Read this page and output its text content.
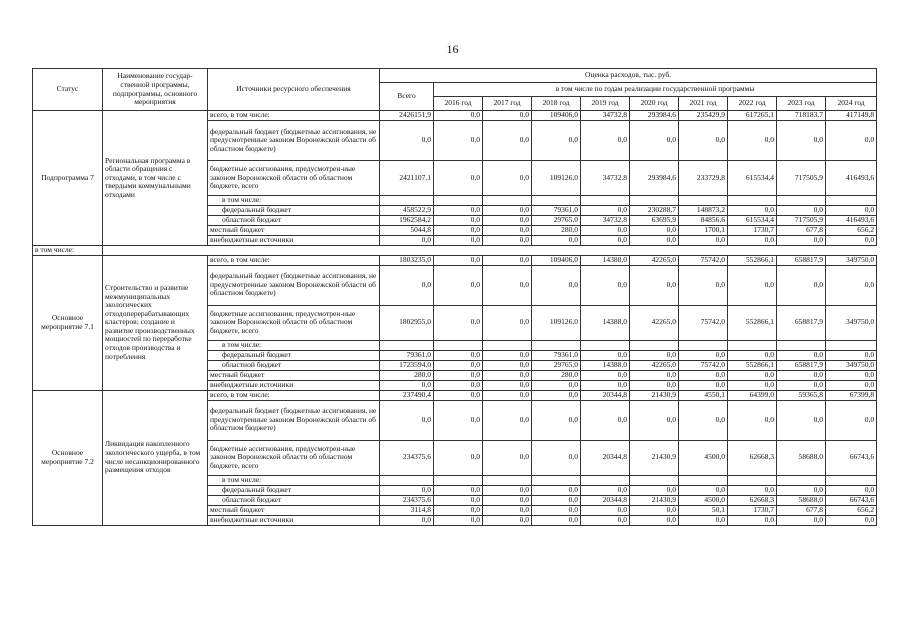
16
Статус	Наименование государ-ственной программы, подпрограммы, основного мероприятия	Источники ресурсного обеспечения	Оценка расходов, тыс. руб.									
			Всего	в том числе по годам реализации государственной программы								
				2016 год	2017 год	2018 год	2019 год	2020 год	2021 год	2022 год	2023 год	2024 год
Подпрограмма 7	Региональная программа в области обращения с отходами, в том числе с твердыми коммунальными отходами	всего, в том числе:	2426151,9	0,0	0,0	109406,0	34732,8	293984,6	235429,9	617265,1	718183,7	417149,8
		федеральный бюджет (бюджетные ассигнования, не предусмотренные законом Воронежской области об областном бюджете)	0,0	0,0	0,0	0,0	0,0	0,0	0,0	0,0	0,0	0,0
		бюджетные ассигнования, предусмотрен-ные законом Воронежской области об областном бюджете, всего	2421107,1	0,0	0,0	109126,0	34732,8	293984,6	233729,8	615534,4	717505,9	416493,6
		в том числе:										
		федеральный бюджет	458522,9	0,0	0,0	79361,0	0,0	230288,7	148873,2	0,0	0,0	0,0
		областной бюджет	1962584,2	0,0	0,0	29765,0	34732,8	63695,9	84856,6	615534,4	717505,9	416493,6
		местный бюджет	5044,8	0,0	0,0	280,0	0,0	0,0	1700,1	1730,7	677,8	656,2
		внебюджетные источники	0,0	0,0	0,0	0,0	0,0	0,0	0,0	0,0	0,0	0,0
в том числе:												
Основное мероприятие 7.1	Строительство и развитие межмуниципальных экологических отходоперерабатывающих кластеров; создание и развитие производственных мощностей по переработке отходов производства и потребления	всего, в том числе:	1803235,0	0,0	0,0	109406,0	14388,0	42265,0	75742,0	552866,1	658817,9	349750,0
		федеральный бюджет (бюджетные ассигнования, не предусмотренные законом Воронежской области об областном бюджете)	0,0	0,0	0,0	0,0	0,0	0,0	0,0	0,0	0,0	0,0
		бюджетные ассигнования, предусмотрен-ные законом Воронежской области об областном бюджете, всего	1802955,0	0,0	0,0	109126,0	14388,0	42265,0	75742,0	552866,1	658817,9	349750,0
		в том числе:										
		федеральный бюджет	79361,0	0,0	0,0	79361,0	0,0	0,0	0,0	0,0	0,0	0,0
		областной бюджет	1723594,0	0,0	0,0	29765,0	14388,0	42265,0	75742,0	552866,1	658817,9	349750,0
		местный бюджет	280,0	0,0	0,0	280,0	0,0	0,0	0,0	0,0	0,0	0,0
		внебюджетные источники	0,0	0,0	0,0	0,0	0,0	0,0	0,0	0,0	0,0	0,0
Основное мероприятие 7.2	Ликвидация накопленного экологического ущерба, в том числе несанкционированного размещения отходов	всего, в том числе:	237490,4	0,0	0,0	0,0	20344,8	21430,9	4550,1	64399,0	59365,8	67399,8
		федеральный бюджет (бюджетные ассигнования, не предусмотренные законом Воронежской области об областном бюджете)	0,0	0,0	0,0	0,0	0,0	0,0	0,0	0,0	0,0	0,0
		бюджетные ассигнования, предусмотрен-ные законом Воронежской области об областном бюджете, всего	234375,6	0,0	0,0	0,0	20344,8	21430,9	4500,0	62668,3	58688,0	66743,6
		в том числе:										
		федеральный бюджет	0,0	0,0	0,0	0,0	0,0	0,0	0,0	0,0	0,0	0,0
		областной бюджет	234375,6	0,0	0,0	0,0	20344,8	21430,9	4500,0	62668,3	58688,0	66743,6
		местный бюджет	3114,8	0,0	0,0	0,0	0,0	0,0	50,1	1730,7	677,8	656,2
		внебюджетные источники	0,0	0,0	0,0	0,0	0,0	0,0	0,0	0,0	0,0	0,0
